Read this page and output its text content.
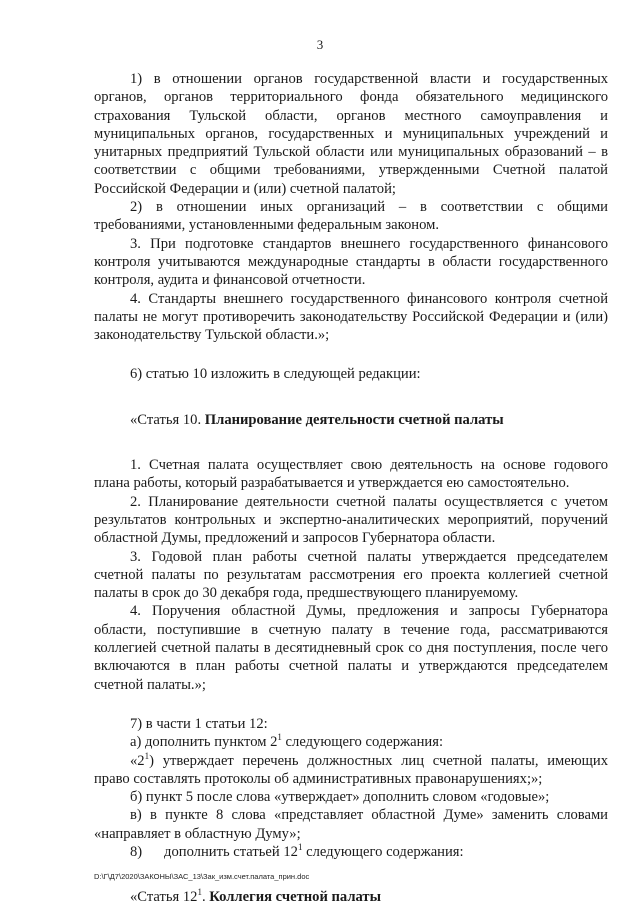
3

1) в отношении органов государственной власти и государственных органов, органов территориального фонда обязательного медицинского страхования Тульской области, органов местного самоуправления и муниципальных органов, государственных и муниципальных учреждений и унитарных предприятий Тульской области или муниципальных образований – в соответствии с общими требованиями, утвержденными Счетной палатой Российской Федерации и (или) счетной палатой;

2) в отношении иных организаций – в соответствии с общими требованиями, установленными федеральным законом.

3. При подготовке стандартов внешнего государственного финансового контроля учитываются международные стандарты в области государственного контроля, аудита и финансовой отчетности.

4. Стандарты внешнего государственного финансового контроля счетной палаты не могут противоречить законодательству Российской Федерации и (или) законодательству Тульской области.»;

6) статью 10 изложить в следующей редакции:

«Статья 10. Планирование деятельности счетной палаты

1. Счетная палата осуществляет свою деятельность на основе годового плана работы, который разрабатывается и утверждается ею самостоятельно.

2. Планирование деятельности счетной палаты осуществляется с учетом результатов контрольных и экспертно-аналитических мероприятий, поручений областной Думы, предложений и запросов Губернатора области.

3. Годовой план работы счетной палаты утверждается председателем счетной палаты по результатам рассмотрения его проекта коллегией счетной палаты в срок до 30 декабря года, предшествующего планируемому.

4. Поручения областной Думы, предложения и запросы Губернатора области, поступившие в счетную палату в течение года, рассматриваются коллегией счетной палаты в десятидневный срок со дня поступления, после чего включаются в план работы счетной палаты и утверждаются председателем счетной палаты.»;

7) в части 1 статьи 12:

а) дополнить пунктом $2^1$ следующего содержания:

«$2^1$) утверждает перечень должностных лиц счетной палаты, имеющих право составлять протоколы об административных правонарушениях;»;

б) пункт 5 после слова «утверждает» дополнить словом «годовые»;

в) в пункте 8 слова «представляет областной Думе» заменить словами «направляет в областную Думу»;

8)      дополнить статьей $12^1$ следующего содержания:

«Статья $12^1$. Коллегия счетной палаты

D:\Г\Д7\2020\ЗАКОНЫ\ЗАС_13\Зак_изм.счет.палата_прин.doc
